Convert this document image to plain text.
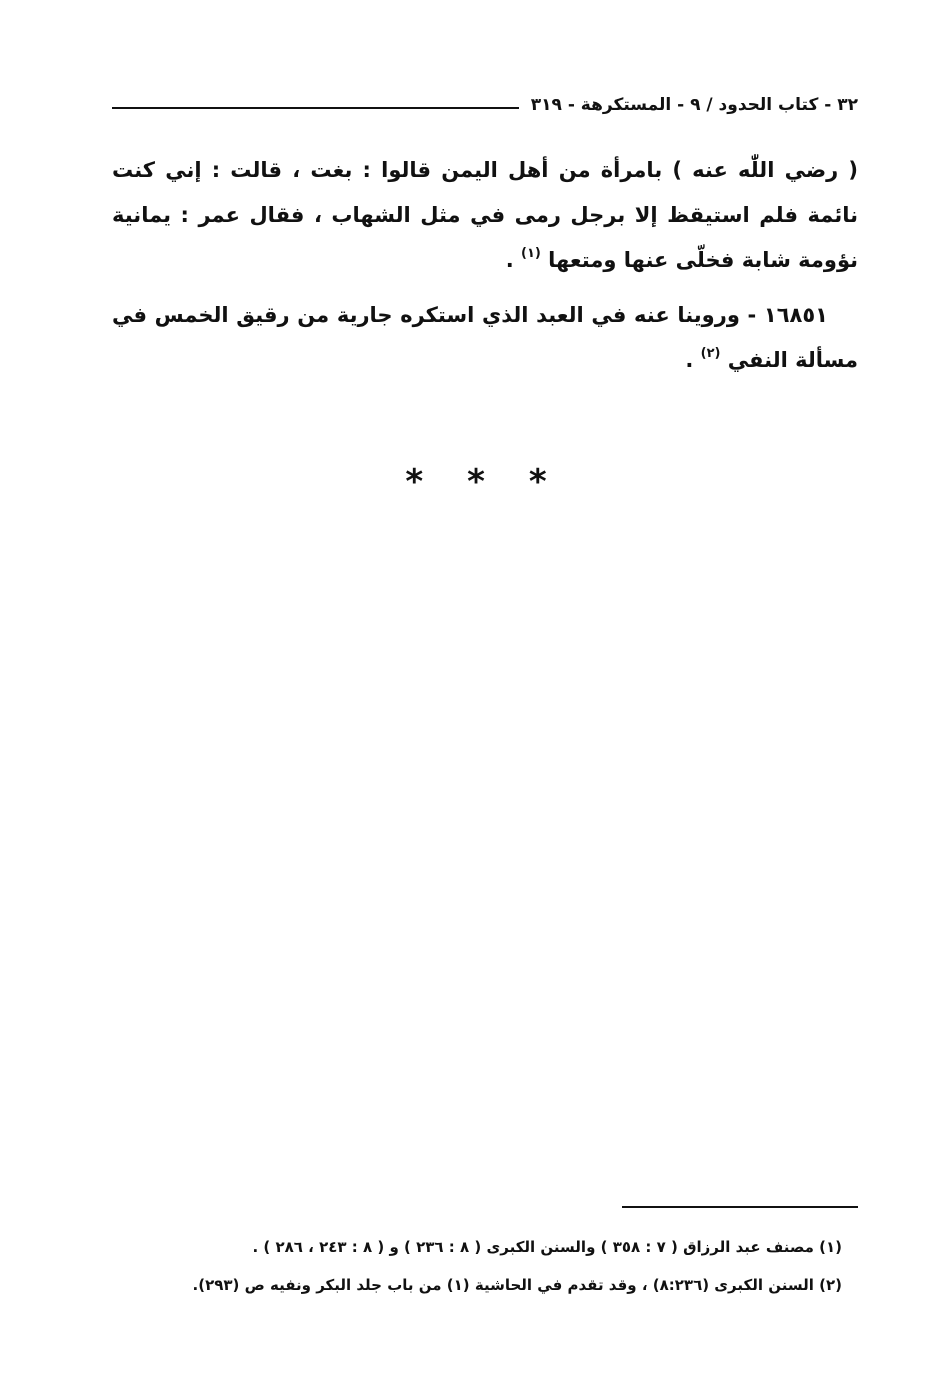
٣٢ - كتاب الحدود / ٩ - المستكرهة - ٣١٩

( رضي اللّٰه عنه ) بامرأة من أهل اليمن قالوا : بغت ، قالت : إني كنت نائمة فلم استيقظ إلا برجل رمى في مثل الشهاب ، فقال عمر : يمانية نؤومة شابة فخلّى عنها ومتعها $^{(١)}$ .

١٦٨٥١ - وروينا عنه في العبد الذي استكره جارية من رقيق الخمس في مسألة النفي $^{(٢)}$ .

* * *

(١) مصنف عبد الرزاق ( ٧ : ٣٥٨ ) والسنن الكبرى ( ٨ : ٢٣٦ ) و ( ٨ : ٢٤٣ ، ٢٨٦ ) .

(٢) السنن الكبرى (٨:٢٣٦) ، وقد تقدم في الحاشية (١) من باب جلد البكر ونفيه ص (٢٩٣).
